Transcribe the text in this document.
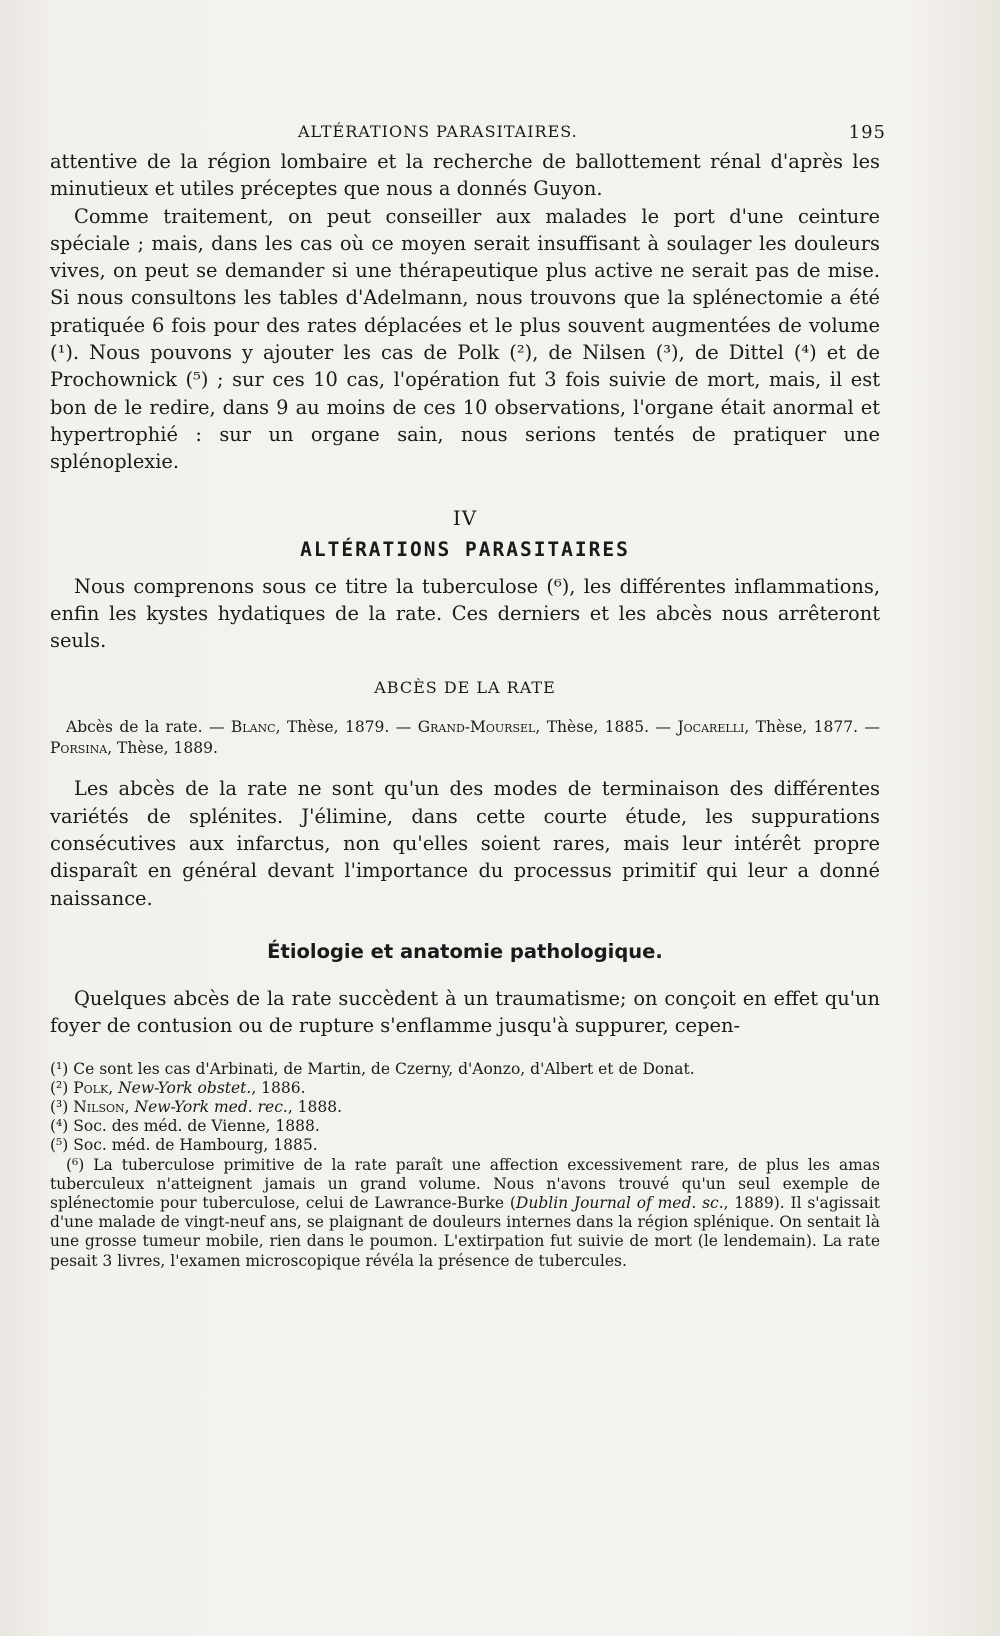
ALTÉRATIONS PARASITAIRES.	195

attentive de la région lombaire et la recherche de ballottement rénal d'après les minutieux et utiles préceptes que nous a donnés Guyon.

Comme traitement, on peut conseiller aux malades le port d'une ceinture spéciale ; mais, dans les cas où ce moyen serait insuffisant à soulager les douleurs vives, on peut se demander si une thérapeutique plus active ne serait pas de mise. Si nous consultons les tables d'Adelmann, nous trouvons que la splénectomie a été pratiquée 6 fois pour des rates déplacées et le plus souvent augmentées de volume (¹). Nous pouvons y ajouter les cas de Polk (²), de Nilsen (³), de Dittel (⁴) et de Prochownick (⁵) ; sur ces 10 cas, l'opération fut 3 fois suivie de mort, mais, il est bon de le redire, dans 9 au moins de ces 10 observations, l'organe était anormal et hypertrophié : sur un organe sain, nous serions tentés de pratiquer une splénoplexie.

IV
ALTÉRATIONS PARASITAIRES

Nous comprenons sous ce titre la tuberculose (⁶), les différentes inflammations, enfin les kystes hydatiques de la rate. Ces derniers et les abcès nous arrêteront seuls.

ABCÈS DE LA RATE

Abcès de la rate. — Blanc, Thèse, 1879. — Grand-Moursel, Thèse, 1885. — Jocarelli, Thèse, 1877. — Porsina, Thèse, 1889.

Les abcès de la rate ne sont qu'un des modes de terminaison des différentes variétés de splénites. J'élimine, dans cette courte étude, les suppurations consécutives aux infarctus, non qu'elles soient rares, mais leur intérêt propre disparaît en général devant l'importance du processus primitif qui leur a donné naissance.

Étiologie et anatomie pathologique.

Quelques abcès de la rate succèdent à un traumatisme; on conçoit en effet qu'un foyer de contusion ou de rupture s'enflamme jusqu'à suppurer, cepen-

(¹) Ce sont les cas d'Arbinati, de Martin, de Czerny, d'Aonzo, d'Albert et de Donat.

(²) Polk, New-York obstet., 1886.

(³) Nilson, New-York med. rec., 1888.

(⁴) Soc. des méd. de Vienne, 1888.

(⁵) Soc. méd. de Hambourg, 1885.

(⁶) La tuberculose primitive de la rate paraît une affection excessivement rare, de plus les amas tuberculeux n'atteignent jamais un grand volume. Nous n'avons trouvé qu'un seul exemple de splénectomie pour tuberculose, celui de Lawrance-Burke (Dublin Journal of med. sc., 1889). Il s'agissait d'une malade de vingt-neuf ans, se plaignant de douleurs internes dans la région splénique. On sentait là une grosse tumeur mobile, rien dans le poumon. L'extirpation fut suivie de mort (le lendemain). La rate pesait 3 livres, l'examen microscopique révéla la présence de tubercules.
